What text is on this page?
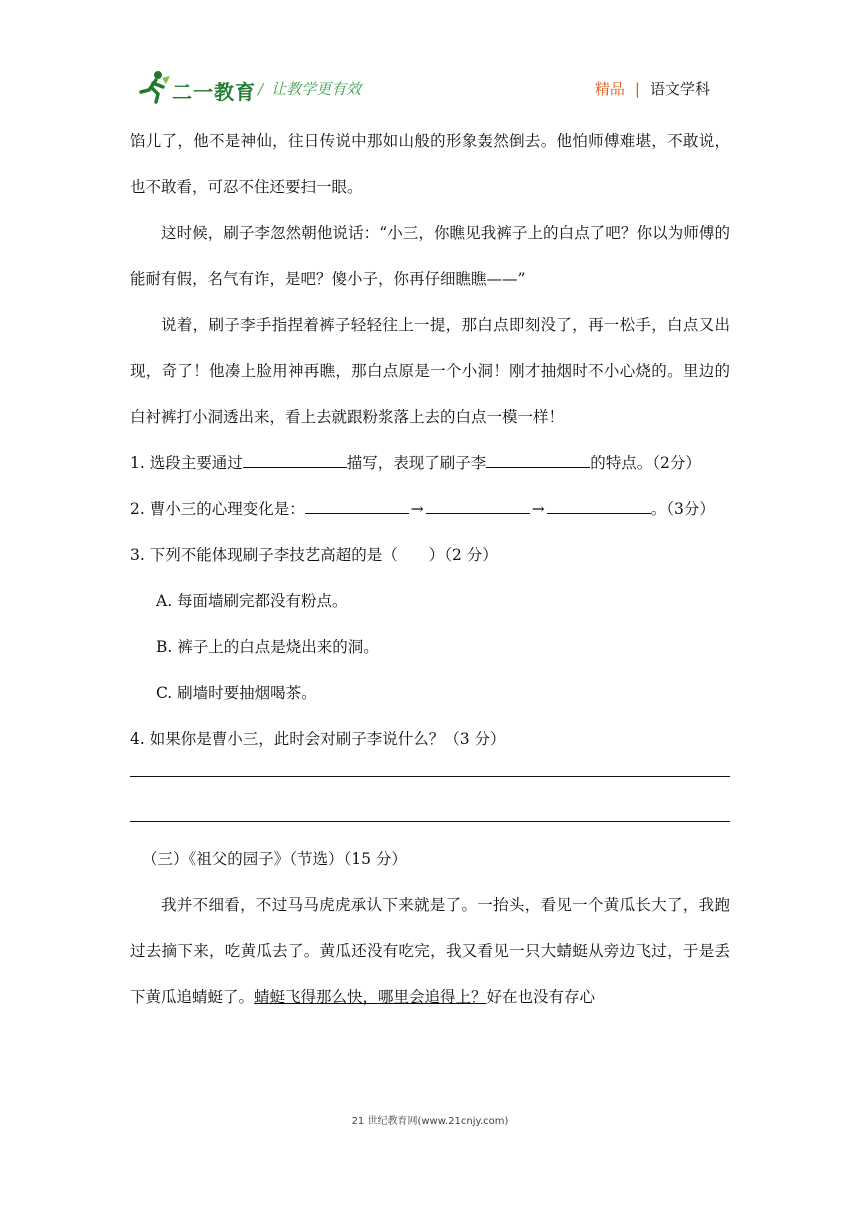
二一教育 / 让教学更有效	精品 | 语文学科

馅儿了，他不是神仙，往日传说中那如山般的形象轰然倒去。他怕师傅难堪，不敢说，也不敢看，可忍不住还要扫一眼。

这时候，刷子李忽然朝他说话：“小三，你瞧见我裤子上的白点了吧？你以为师傅的能耐有假，名气有诈，是吧？傻小子，你再仔细瞧瞧——”

说着，刷子李手指捏着裤子轻轻往上一提，那白点即刻没了，再一松手，白点又出现，奇了！他凑上脸用神再瞧，那白点原是一个小洞！刚才抽烟时不小心烧的。里边的白衬裤打小洞透出来，看上去就跟粉浆落上去的白点一模一样！

1. 选段主要通过	描写，表现了刷子李	的特点。（2分）

2. 曹小三的心理变化是：	→	→	。（3分）

3. 下列不能体现刷子李技艺高超的是（　　）（2 分）

A. 每面墙刷完都没有粉点。

B. 裤子上的白点是烧出来的洞。

C. 刷墙时要抽烟喝茶。

4. 如果你是曹小三，此时会对刷子李说什么？（3 分）

（三）《祖父的园子》（节选）（15 分）

我并不细看，不过马马虎虎承认下来就是了。一抬头，看见一个黄瓜长大了，我跑过去摘下来，吃黄瓜去了。黄瓜还没有吃完，我又看见一只大蜻蜓从旁边飞过，于是丢下黄瓜追蜻蜓了。蜻蜓飞得那么快，哪里会追得上？好在也没有存心

21 世纪教育网(www.21cnjy.com)
